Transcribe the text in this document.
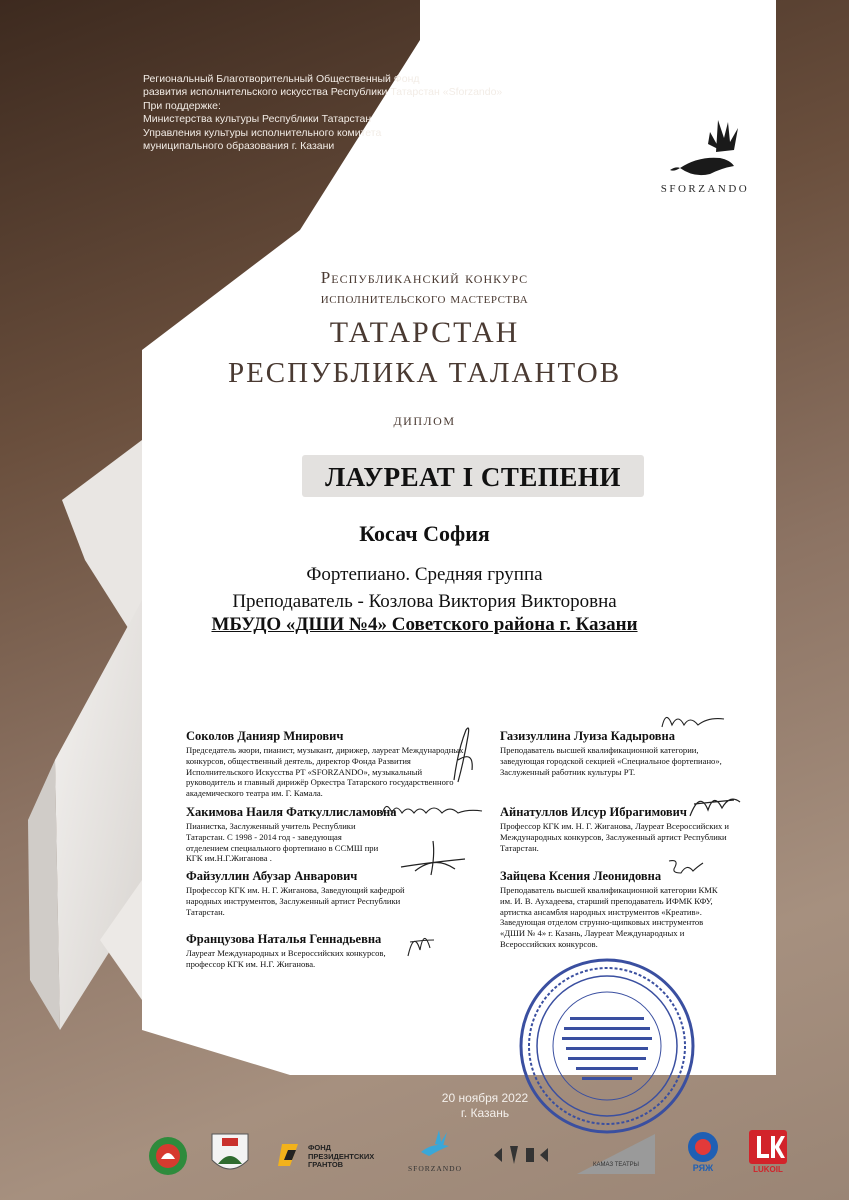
Региональный Благотворительный Общественный Фонд
развития исполнительского искусства Республики Татарстан «Sforzando»
При поддержке:
Министерства культуры Республики Татарстан
Управления культуры исполнительного комитета
муниципального образования г. Казани
SFORZANDO
Республиканский конкурс
исполнительского мастерства
ТАТАРСТАН
РЕСПУБЛИКА ТАЛАНТОВ
диплом
ЛАУРЕАТ I СТЕПЕНИ
Косач София
Фортепиано. Средняя группа
Преподаватель - Козлова Виктория Викторовна
МБУДО «ДШИ №4» Советского района г. Казани
Соколов Данияр Мнирович
Председатель жюри, пианист, музыкант, дирижер, лауреат Международных конкурсов, общественный деятель, директор Фонда Развития Исполнительского Искусства РТ «SFORZANDO», музыкальный руководитель и главный дирижёр Оркестра Татарского государственного академического театра им. Г. Камала.
Хакимова Наиля Фаткуллисламовна
Пианистка, Заслуженный учитель Республики Татарстан. С 1998 - 2014 год - заведующая отделением специального фортепиано в ССМШ при КГК им.Н.Г.Жиганова .
Файзуллин Абузар Анварович
Профессор КГК им. Н. Г. Жиганова, Заведующий кафедрой народных инструментов, Заслуженный артист Республики Татарстан.
Французова Наталья Геннадьевна
Лауреат Международных и Всероссийских конкурсов, профессор КГК им. Н.Г. Жиганова.
Газизуллина Луиза Кадыровна
Преподаватель высшей квалификационной категории, заведующая городской секцией «Специальное фортепиано», Заслуженный работник культуры РТ.
Айнатуллов Илсур Ибрагимович
Профессор КГК им. Н. Г. Жиганова, Лауреат Всероссийских и Международных конкурсов, Заслуженный артист Республики Татарстан.
Зайцева Ксения Леонидовна
Преподаватель высшей квалификационной категории КМК им. И. В. Аухадеева, старший преподаватель ИФМК КФУ, артистка ансамбля народных инструментов «Креатив». Заведующая отделом струнно-щипковых инструментов «ДШИ № 4» г. Казань, Лауреат Международных и Всероссийских конкурсов.
20 ноября 2022
г. Казань
ФОНД
ПРЕЗИДЕНТСКИХ
ГРАНТОВ	SFORZANDO	КАМАЗ ТЕАТРЫ	РЯЖ	LUKOIL
